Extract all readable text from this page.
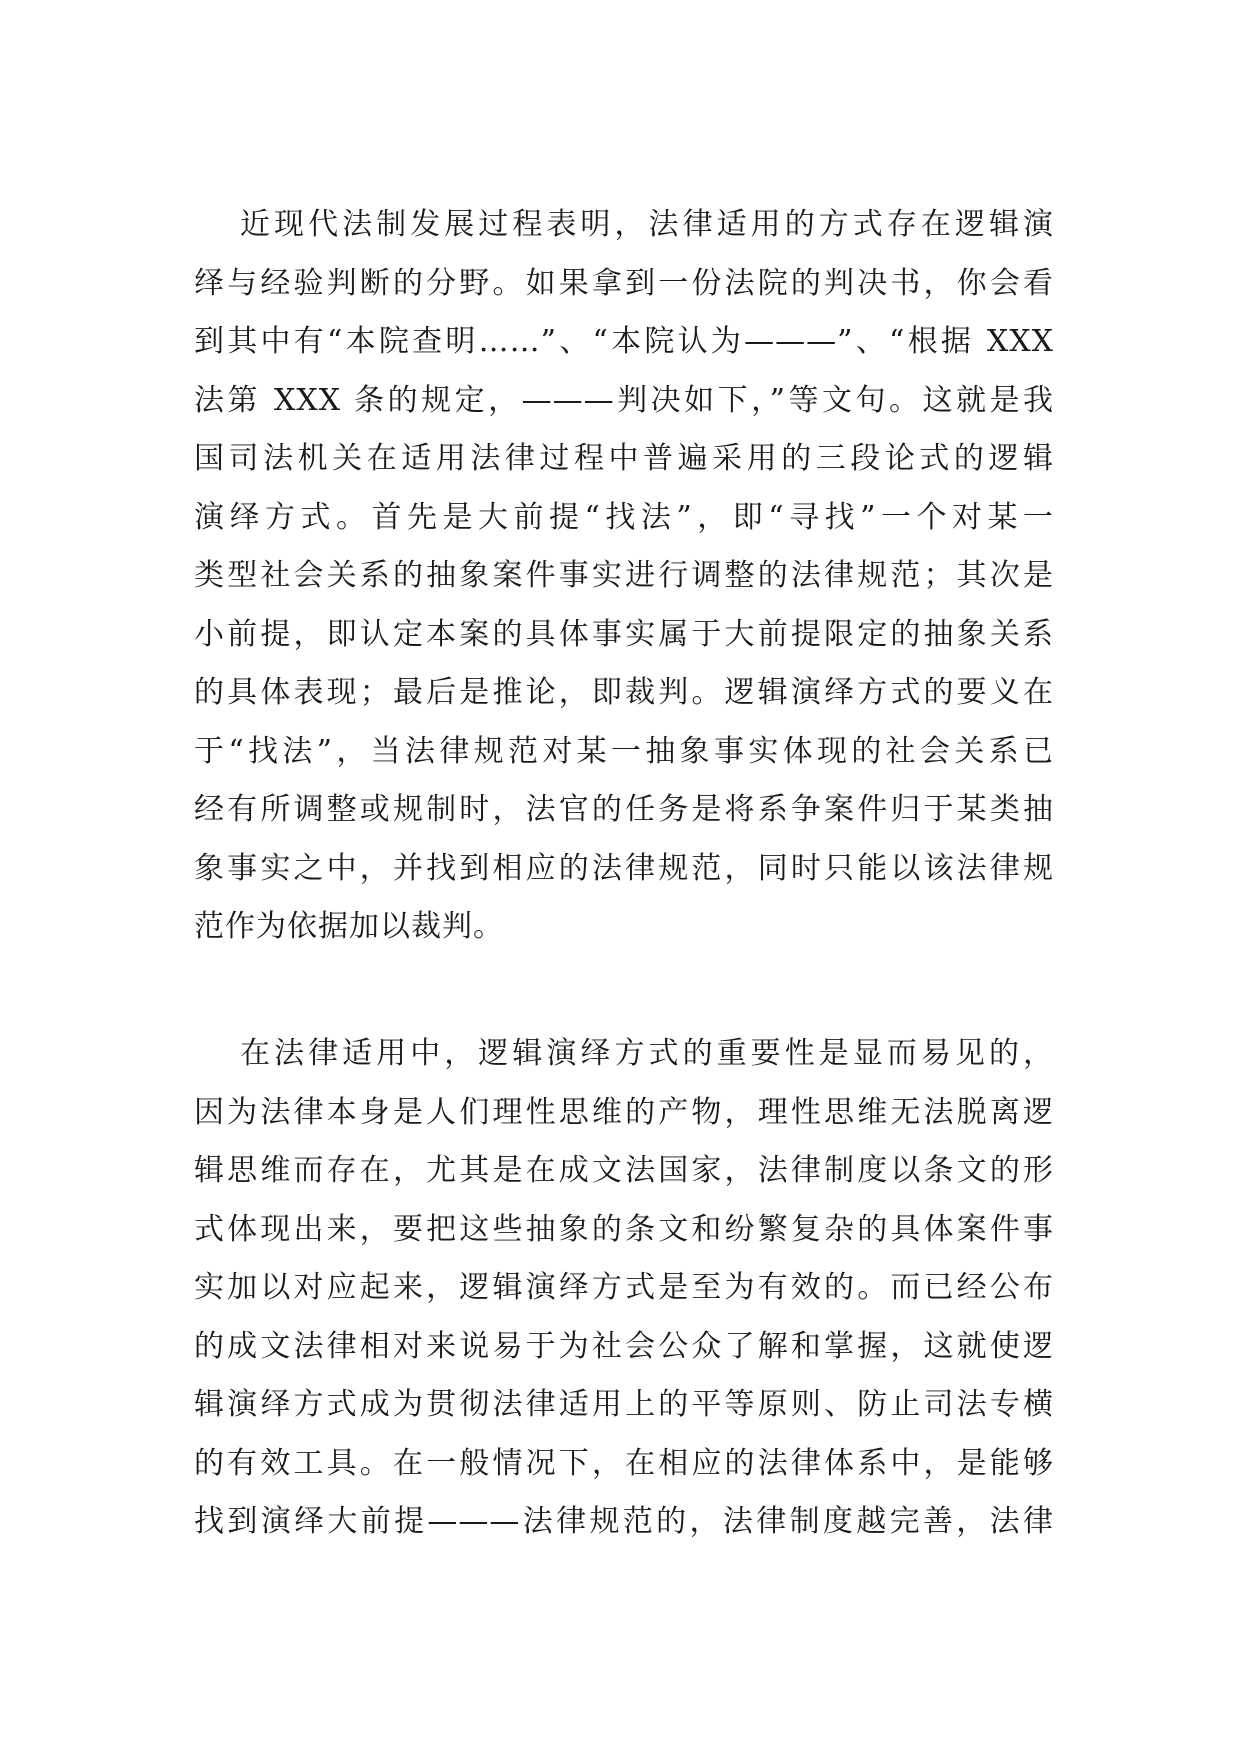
近现代法制发展过程表明，法律适用的方式存在逻辑演
绎与经验判断的分野。如果拿到一份法院的判决书，你会看
到其中有“本院查明……”、“本院认为———”、“根据 XXX
法第 XXX 条的规定，———判决如下，”等文句。这就是我
国司法机关在适用法律过程中普遍采用的三段论式的逻辑
演绎方式。首先是大前提“找法”，即“寻找”一个对某一
类型社会关系的抽象案件事实进行调整的法律规范；其次是
小前提，即认定本案的具体事实属于大前提限定的抽象关系
的具体表现；最后是推论，即裁判。逻辑演绎方式的要义在
于“找法”，当法律规范对某一抽象事实体现的社会关系已
经有所调整或规制时，法官的任务是将系争案件归于某类抽
象事实之中，并找到相应的法律规范，同时只能以该法律规
范作为依据加以裁判。
在法律适用中，逻辑演绎方式的重要性是显而易见的，
因为法律本身是人们理性思维的产物，理性思维无法脱离逻
辑思维而存在，尤其是在成文法国家，法律制度以条文的形
式体现出来，要把这些抽象的条文和纷繁复杂的具体案件事
实加以对应起来，逻辑演绎方式是至为有效的。而已经公布
的成文法律相对来说易于为社会公众了解和掌握，这就使逻
辑演绎方式成为贯彻法律适用上的平等原则、防止司法专横
的有效工具。在一般情况下，在相应的法律体系中，是能够
找到演绎大前提———法律规范的，法律制度越完善，法律
